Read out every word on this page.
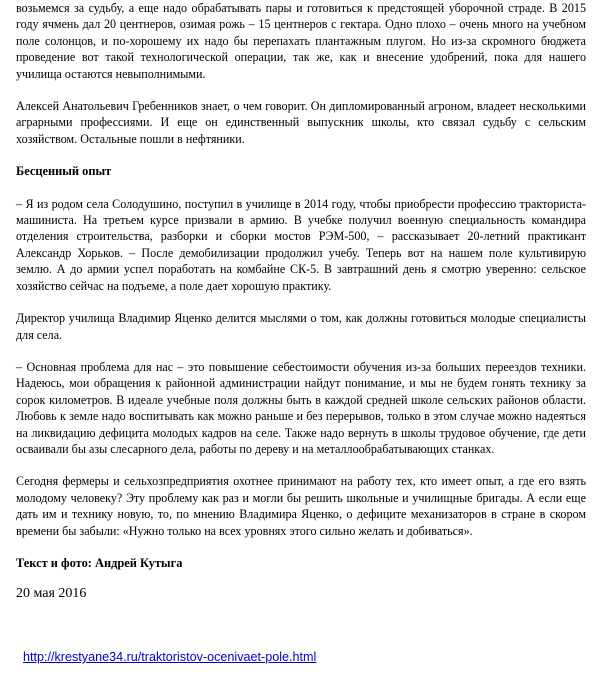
возьмемся за судьбу, а еще надо обрабатывать пары и готовиться к предстоящей уборочной страде. В 2015 году ячмень дал 20 центнеров, озимая рожь – 15 центнеров с гектара. Одно плохо – очень много на учебном поле солонцов, и по-хорошему их надо бы перепахать плантажным плугом. Но из-за скромного бюджета проведение вот такой технологической операции, так же, как и внесение удобрений, пока для нашего училища остаются невыполнимыми.

Алексей Анатольевич Гребенников знает, о чем говорит. Он дипломированный агроном, владеет несколькими аграрными профессиями. И еще он единственный выпускник школы, кто связал судьбу с сельским хозяйством. Остальные пошли в нефтяники.

Бесценный опыт

– Я из родом села Солодушино, поступил в училище в 2014 году, чтобы приобрести профессию тракториста-машиниста. На третьем курсе призвали в армию. В учебке получил военную специальность командира отделения строительства, разборки и сборки мостов РЭМ-500, – рассказывает 20-летний практикант Александр Хорьков. – После демобилизации продолжил учебу. Теперь вот на нашем поле культивирую землю. А до армии успел поработать на комбайне СК-5. В завтрашний день я смотрю уверенно: сельское хозяйство сейчас на подъеме, а поле дает хорошую практику.

Директор училища Владимир Яценко делится мыслями о том, как должны готовиться молодые специалисты для села.

– Основная проблема для нас – это повышение себестоимости обучения из-за больших переездов техники. Надеюсь, мои обращения к районной администрации найдут понимание, и мы не будем гонять технику за сорок километров. В идеале учебные поля должны быть в каждой средней школе сельских районов области. Любовь к земле надо воспитывать как можно раньше и без перерывов, только в этом случае можно надеяться на ликвидацию дефицита молодых кадров на селе. Также надо вернуть в школы трудовое обучение, где дети осваивали бы азы слесарного дела, работы по дереву и на металлообрабатывающих станках.

Сегодня фермеры и сельхозпредприятия охотнее принимают на работу тех, кто имеет опыт, а где его взять молодому человеку? Эту проблему как раз и могли бы решить школьные и училищные бригады. А если еще дать им и технику новую, то, по мнению Владимира Яценко, о дефиците механизаторов в стране в скором времени бы забыли: «Нужно только на всех уровнях этого сильно желать и добиваться».

Текст и фото: Андрей Кутыга

20 мая 2016

http://krestyane34.ru/traktoristov-ocenivaet-pole.html
